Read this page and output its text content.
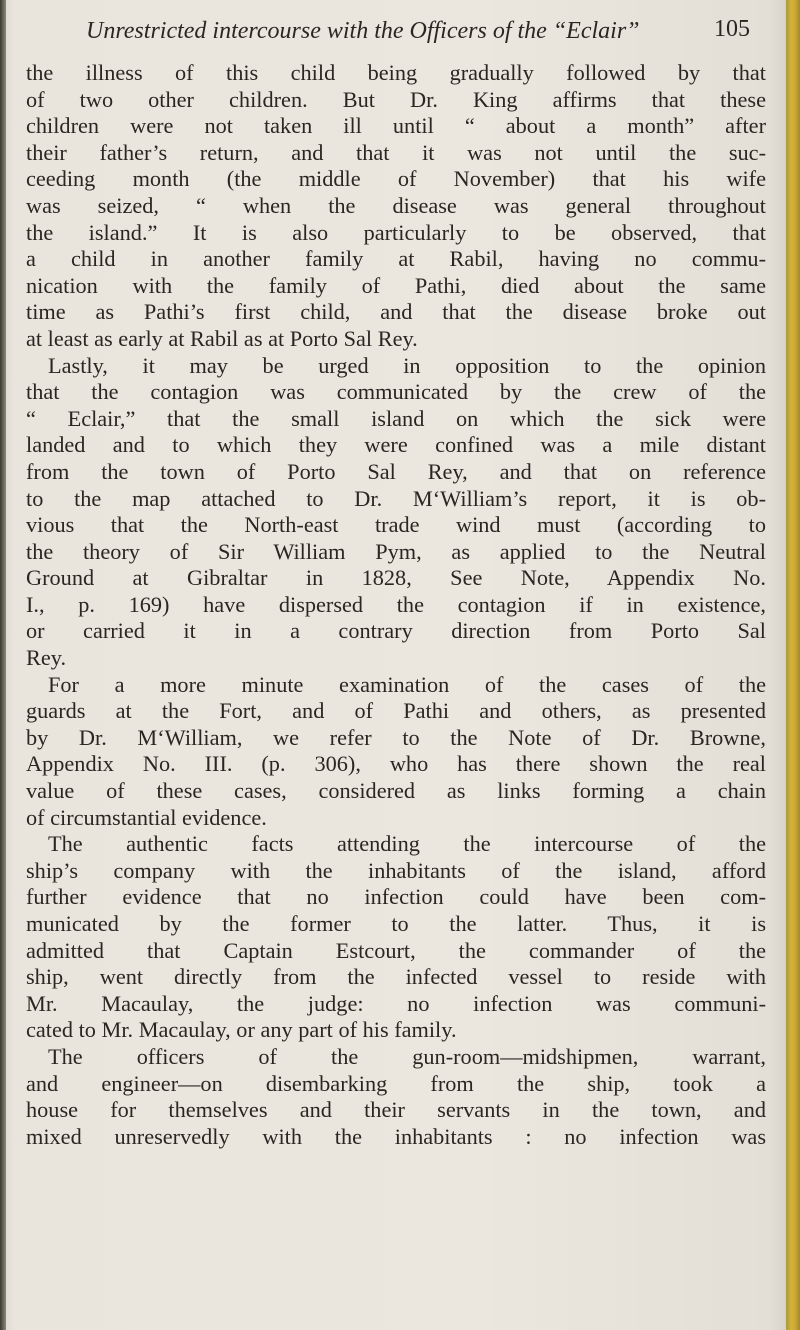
Unrestricted intercourse with the Officers of the “Eclair”	105
the illness of this child being gradually followed by that
of two other children. But Dr. King affirms that these
children were not taken ill until “ about a month” after
their father’s return, and that it was not until the suc-
ceeding month (the middle of November) that his wife
was seized, “ when the disease was general throughout
the island.” It is also particularly to be observed, that
a child in another family at Rabil, having no commu-
nication with the family of Pathi, died about the same
time as Pathi’s first child, and that the disease broke out
at least as early at Rabil as at Porto Sal Rey.
Lastly, it may be urged in opposition to the opinion
that the contagion was communicated by the crew of the
“ Eclair,” that the small island on which the sick were
landed and to which they were confined was a mile distant
from the town of Porto Sal Rey, and that on reference
to the map attached to Dr. M‘William’s report, it is ob-
vious that the North-east trade wind must (according to
the theory of Sir William Pym, as applied to the Neutral
Ground at Gibraltar in 1828, See Note, Appendix No.
I., p. 169) have dispersed the contagion if in existence,
or carried it in a contrary direction from Porto Sal
Rey.
For a more minute examination of the cases of the
guards at the Fort, and of Pathi and others, as presented
by Dr. M‘William, we refer to the Note of Dr. Browne,
Appendix No. III. (p. 306), who has there shown the real
value of these cases, considered as links forming a chain
of circumstantial evidence.
The authentic facts attending the intercourse of the
ship’s company with the inhabitants of the island, afford
further evidence that no infection could have been com-
municated by the former to the latter. Thus, it is
admitted that Captain Estcourt, the commander of the
ship, went directly from the infected vessel to reside with
Mr. Macaulay, the judge: no infection was communi-
cated to Mr. Macaulay, or any part of his family.
The officers of the gun-room—midshipmen, warrant,
and engineer—on disembarking from the ship, took a
house for themselves and their servants in the town, and
mixed unreservedly with the inhabitants : no infection was
